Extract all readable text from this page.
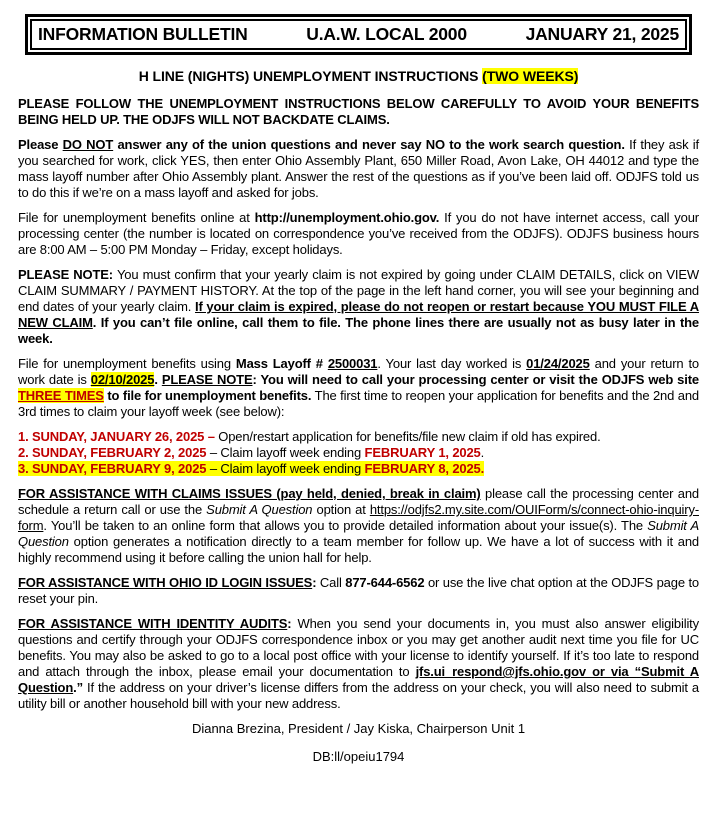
INFORMATION BULLETIN	U.A.W. LOCAL 2000	JANUARY 21, 2025
H LINE (NIGHTS) UNEMPLOYMENT INSTRUCTIONS (TWO WEEKS)
PLEASE FOLLOW THE UNEMPLOYMENT INSTRUCTIONS BELOW CAREFULLY TO AVOID YOUR BENEFITS BEING HELD UP. THE ODJFS WILL NOT BACKDATE CLAIMS.
Please DO NOT answer any of the union questions and never say NO to the work search question. If they ask if you searched for work, click YES, then enter Ohio Assembly Plant, 650 Miller Road, Avon Lake, OH 44012 and type the mass layoff number after Ohio Assembly plant. Answer the rest of the questions as if you’ve been laid off. ODJFS told us to do this if we’re on a mass layoff and asked for jobs.
File for unemployment benefits online at http://unemployment.ohio.gov. If you do not have internet access, call your processing center (the number is located on correspondence you’ve received from the ODJFS). ODJFS business hours are 8:00 AM – 5:00 PM Monday – Friday, except holidays.
PLEASE NOTE: You must confirm that your yearly claim is not expired by going under CLAIM DETAILS, click on VIEW CLAIM SUMMARY / PAYMENT HISTORY. At the top of the page in the left hand corner, you will see your beginning and end dates of your yearly claim. If your claim is expired, please do not reopen or restart because YOU MUST FILE A NEW CLAIM. If you can’t file online, call them to file. The phone lines there are usually not as busy later in the week.
File for unemployment benefits using Mass Layoff # 2500031. Your last day worked is 01/24/2025 and your return to work date is 02/10/2025. PLEASE NOTE: You will need to call your processing center or visit the ODJFS web site THREE TIMES to file for unemployment benefits. The first time to reopen your application for benefits and the 2nd and 3rd times to claim your layoff week (see below):
1. SUNDAY, JANUARY 26, 2025 – Open/restart application for benefits/file new claim if old has expired.
2. SUNDAY, FEBRUARY 2, 2025 – Claim layoff week ending FEBRUARY 1, 2025.
3. SUNDAY, FEBRUARY 9, 2025 – Claim layoff week ending FEBRUARY 8, 2025.
FOR ASSISTANCE WITH CLAIMS ISSUES (pay held, denied, break in claim) please call the processing center and schedule a return call or use the Submit A Question option at https://odjfs2.my.site.com/OUIForm/s/connect-ohio-inquiry-form. You’ll be taken to an online form that allows you to provide detailed information about your issue(s). The Submit A Question option generates a notification directly to a team member for follow up. We have a lot of success with it and highly recommend using it before calling the union hall for help.
FOR ASSISTANCE WITH OHIO ID LOGIN ISSUES: Call 877-644-6562 or use the live chat option at the ODJFS page to reset your pin.
FOR ASSISTANCE WITH IDENTITY AUDITS: When you send your documents in, you must also answer eligibility questions and certify through your ODJFS correspondence inbox or you may get another audit next time you file for UC benefits. You may also be asked to go to a local post office with your license to identify yourself. If it’s too late to respond and attach through the inbox, please email your documentation to jfs.ui_respond@jfs.ohio.gov or via “Submit A Question.” If the address on your driver’s license differs from the address on your check, you will also need to submit a utility bill or another household bill with your new address.
Dianna Brezina, President / Jay Kiska, Chairperson Unit 1
DB:ll/opeiu1794
